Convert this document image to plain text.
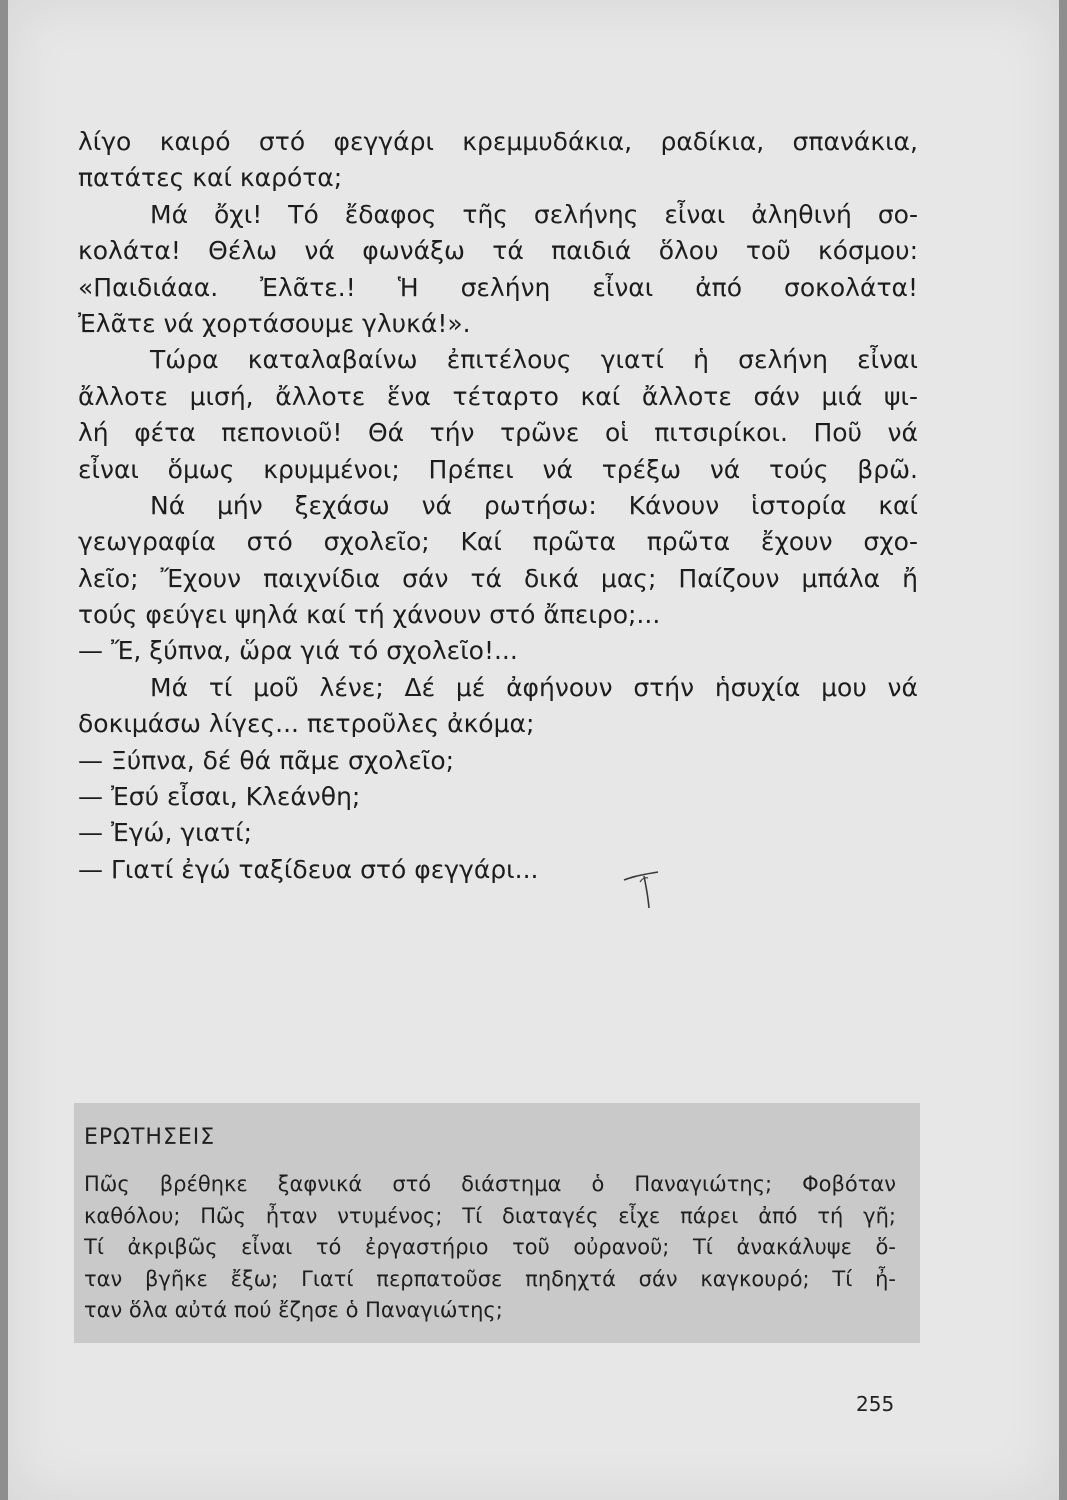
λίγο καιρό στό φεγγάρι κρεμμυδάκια, ραδίκια, σπανάκια,
πατάτες καί καρότα;
Μά ὄχι! Τό ἔδαφος τῆς σελήνης εἶναι ἀληθινή σο-
κολάτα! Θέλω νά φωνάξω τά παιδιά ὅλου τοῦ κόσμου:
«Παιδιάαα. Ἐλᾶτε.! Ἡ σελήνη εἶναι ἀπό σοκολάτα!
Ἐλᾶτε νά χορτάσουμε γλυκά!».
Τώρα καταλαβαίνω ἐπιτέλους γιατί ἡ σελήνη εἶναι
ἄλλοτε μισή, ἄλλοτε ἕνα τέταρτο καί ἄλλοτε σάν μιά ψι-
λή φέτα πεπονιοῦ! Θά τήν τρῶνε οἱ πιτσιρίκοι. Ποῦ νά
εἶναι ὅμως κρυμμένοι; Πρέπει νά τρέξω νά τούς βρῶ.
Νά μήν ξεχάσω νά ρωτήσω: Κάνουν ἱστορία καί
γεωγραφία στό σχολεῖο; Καί πρῶτα πρῶτα ἔχουν σχο-
λεῖο; Ἔχουν παιχνίδια σάν τά δικά μας; Παίζουν μπάλα ἤ
τούς φεύγει ψηλά καί τή χάνουν στό ἄπειρο;...
— Ἔ, ξύπνα, ὥρα γιά τό σχολεῖο!...
Μά τί μοῦ λένε; Δέ μέ ἀφήνουν στήν ἡσυχία μου νά
δοκιμάσω λίγες... πετροῦλες ἀκόμα;
— Ξύπνα, δέ θά πᾶμε σχολεῖο;
— Ἐσύ εἶσαι, Κλεάνθη;
— Ἐγώ, γιατί;
— Γιατί ἐγώ ταξίδευα στό φεγγάρι...
ΕΡΩΤΗΣΕΙΣ
Πῶς βρέθηκε ξαφνικά στό διάστημα ὁ Παναγιώτης; Φοβόταν
καθόλου; Πῶς ἦταν ντυμένος; Τί διαταγές εἶχε πάρει ἀπό τή γῆ;
Τί ἀκριβῶς εἶναι τό ἐργαστήριο τοῦ οὐρανοῦ; Τί ἀνακάλυψε ὅ-
ταν βγῆκε ἔξω; Γιατί περπατοῦσε πηδηχτά σάν καγκουρό; Τί ἦ-
ταν ὅλα αὐτά πού ἔζησε ὁ Παναγιώτης;
255
